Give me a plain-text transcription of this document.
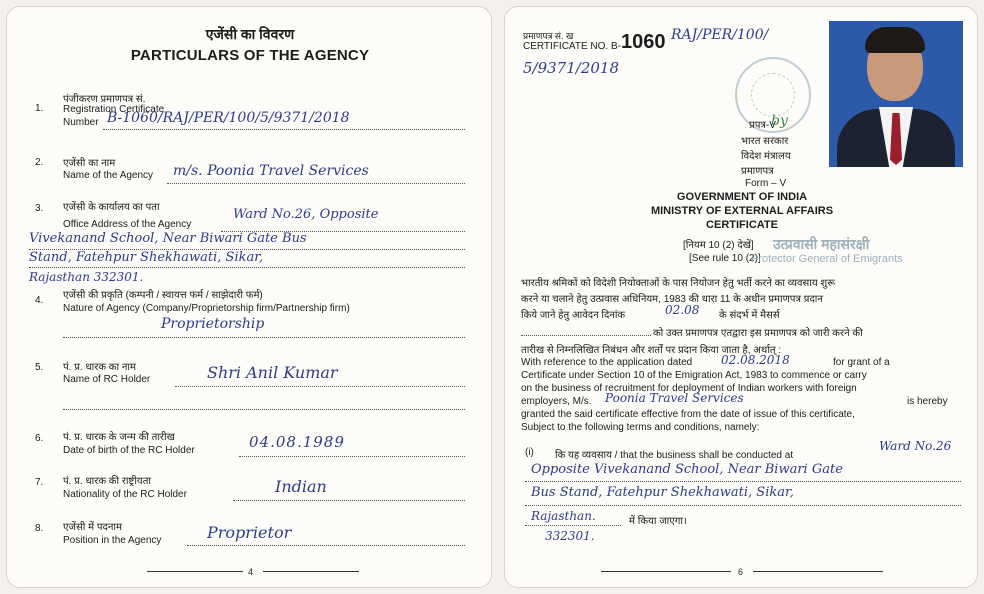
एजेंसी का विवरण
PARTICULARS OF THE AGENCY
1.
पंजीकरण प्रमाणपत्र सं.
Registration Certificate
Number B-1060/RAJ/PER/100/5/9371/2018
2. एजेंसी का नाम
Name of the Agency m/s. Poonia Travel Services
3. एजेंसी के कार्यालय का पता
Office Address of the Agency
Ward No.26, Opposite
Vivekanand School, Near Biwari Gate Bus
Stand, Fatehpur Shekhawati, Sikar,
Rajasthan 332301.
4. एजेंसी की प्रकृति (कम्पनी / स्वायत्त फर्म / साझेदारी फर्म)
Nature of Agency (Company/Proprietorship firm/Partnership firm)
Proprietorship
5. पं. प्र. धारक का नाम
Name of RC Holder	Shri Anil Kumar
6. पं. प्र. धारक के जन्म की तारीख
Date of birth of the RC Holder	04.08.1989
7. पं. प्र. धारक की राष्ट्रीयता
Nationality of the RC Holder	Indian
8. एजेंसी में पदनाम
Position in the Agency	Proprietor
4
प्रमाणपत्र सं. ख
CERTIFICATE NO. B- 1060 RAJ/PER/100/
5/9371/2018
प्रपत्र-V
by
भारत सरकार
विदेश मंत्रालय
प्रमाणपत्र
Form – V
GOVERNMENT OF INDIA
MINISTRY OF EXTERNAL AFFAIRS
CERTIFICATE
[नियम 10 (2) देखें]
[See rule 10 (2)]
उत्प्रवासी महासंरक्षी
Protector General of Emigrants
भारतीय श्रमिकों को विदेशी नियोक्ताओं के पास नियोजन हेतु भर्ती करने का व्यवसाय शुरू
करने या चलाने हेतु उत्प्रवास अधिनियम, 1983 की धारा 11 के अधीन प्रमाणपत्र प्रदान
किये जाने हेतु आवेदन दिनांक	02.08 के संदर्भ में मैसर्स
को उक्त प्रमाणपत्र एतद्वारा इस प्रमाणपत्र को जारी करने की
तारीख से निम्नलिखित निबंधन और शर्तों पर प्रदान किया जाता है, अर्थात् :
With reference to the application dated 02.08.2018	for grant of a
Certificate under Section 10 of the Emigration Act, 1983 to commence or carry
on the business of recruitment for deployment of Indian workers with foreign
employers, M/s. Poonia Travel Services	is hereby
granted the said certificate effective from the date of issue of this certificate,
Subject to the following terms and conditions, namely:
(i) कि यह व्यवसाय / that the business shall be conducted at
Ward No.26
Opposite Vivekanand School, Near Biwari Gate
Bus Stand, Fatehpur Shekhawati, Sikar,
Rajasthan.	में किया जाएगा।
332301.
6
